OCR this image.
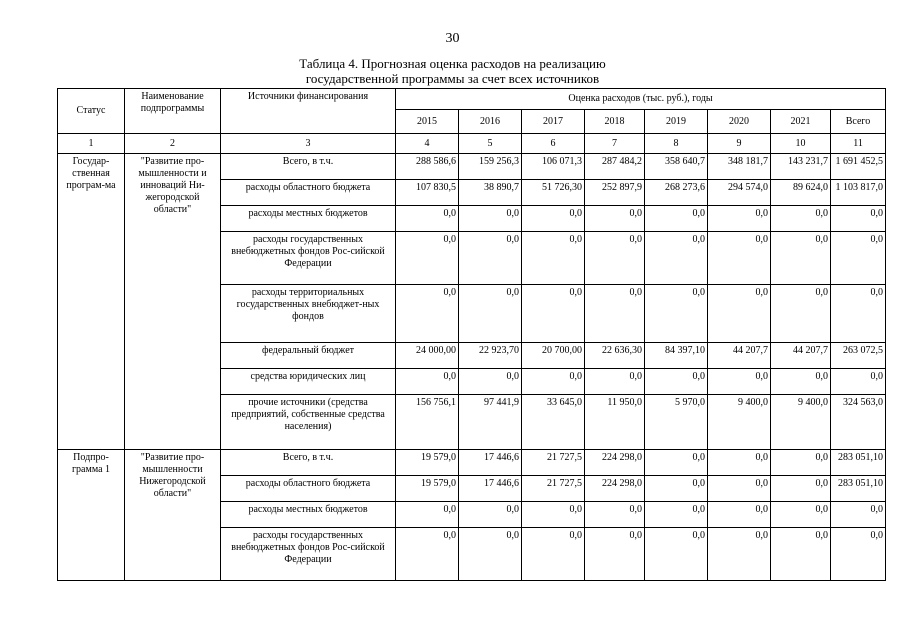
30
Таблица 4. Прогнозная оценка расходов на реализацию
государственной программы за счет всех источников
Статус	Наименование подпрограммы	Источники финансирования	Оценка расходов (тыс. руб.), годы							
			2015	2016	2017	2018	2019	2020	2021	Всего
1	2	3	4	5	6	7	8	9	10	11
Государ-ственная програм-ма	"Развитие про-мышленности и инноваций Ни-жегородской области"	Всего, в т.ч.	288 586,6	159 256,3	106 071,3	287 484,2	358 640,7	348 181,7	143 231,7	1 691 452,5
		расходы областного бюджета	107 830,5	38 890,7	51 726,30	252 897,9	268 273,6	294 574,0	89 624,0	1 103 817,0
		расходы местных бюджетов	0,0	0,0	0,0	0,0	0,0	0,0	0,0	0,0
		расходы государственных внебюджетных фондов Рос-сийской Федерации	0,0	0,0	0,0	0,0	0,0	0,0	0,0	0,0
		расходы территориальных государственных внебюджет-ных фондов	0,0	0,0	0,0	0,0	0,0	0,0	0,0	0,0
		федеральный бюджет	24 000,00	22 923,70	20 700,00	22 636,30	84 397,10	44 207,7	44 207,7	263 072,5
		средства юридических лиц	0,0	0,0	0,0	0,0	0,0	0,0	0,0	0,0
		прочие источники (средства предприятий, собственные средства населения)	156 756,1	97 441,9	33 645,0	11 950,0	5 970,0	9 400,0	9 400,0	324 563,0
Подпро-грамма 1	"Развитие про-мышленности Нижегородской области"	Всего, в т.ч.	19 579,0	17 446,6	21 727,5	224 298,0	0,0	0,0	0,0	283 051,10
		расходы областного бюджета	19 579,0	17 446,6	21 727,5	224 298,0	0,0	0,0	0,0	283 051,10
		расходы местных бюджетов	0,0	0,0	0,0	0,0	0,0	0,0	0,0	0,0
		расходы государственных внебюджетных фондов Рос-сийской Федерации	0,0	0,0	0,0	0,0	0,0	0,0	0,0	0,0
